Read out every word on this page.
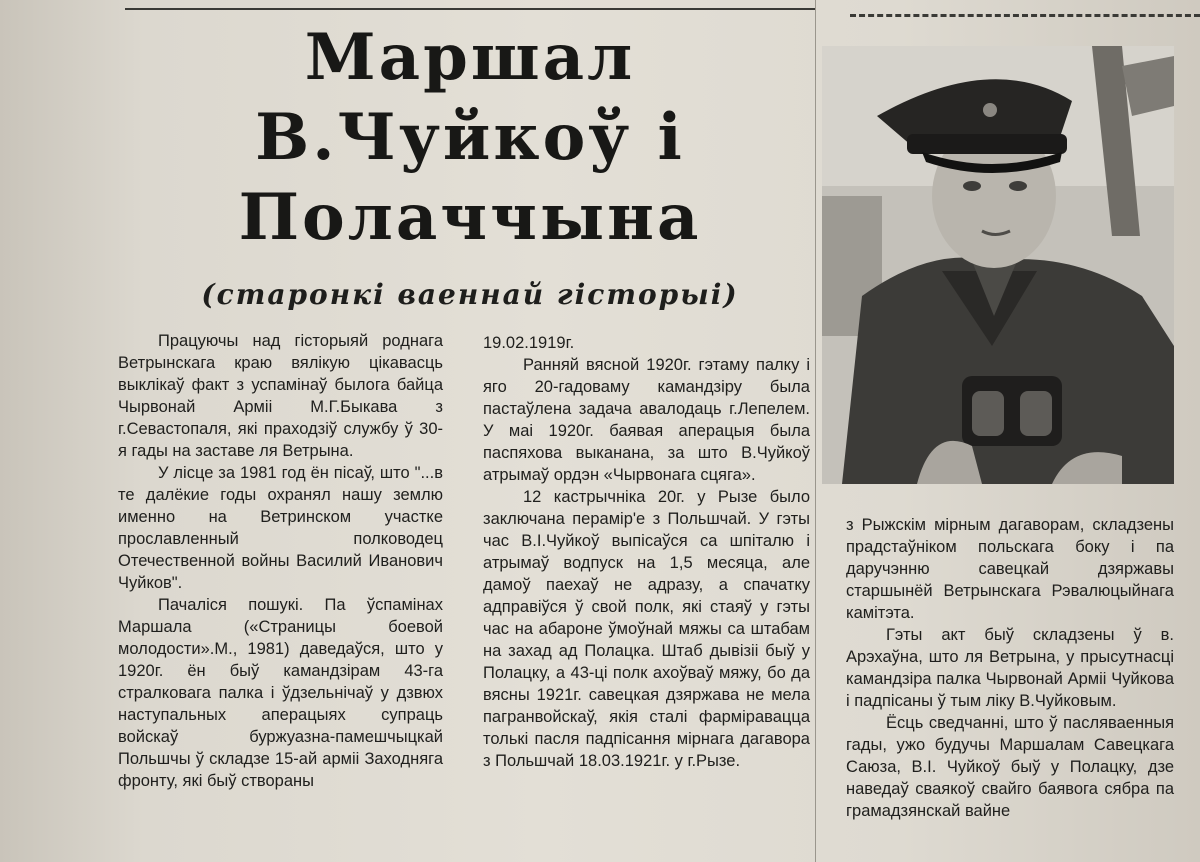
Маршал
В.Чуйкоў і
Полаччына
(старонкі ваеннай гісторыі)

Працуючы над гісторыяй роднага Ветрынскага краю вялікую цікавасць выклікаў факт з успамінаў былога байца Чырвонай Арміі М.Г.Быкава з г.Севастопаля, які праходзіў службу ў 30-я гады на заставе ля Ветрына.

У лісце за 1981 год ён пісаў, што "...в те далёкие годы охранял нашу землю именно на Ветринском участке прославленный полководец Отечественной войны Василий Иванович Чуйков".

Пачаліся пошукі. Па ўспамінах Маршала («Страницы боевой молодости».М., 1981) даведаўся, што у 1920г. ён быў камандзірам 43-га стралковага палка і ўдзельнічаў у дзвюх наступальных аперацыях супраць войскаў буржуазна-памешчыцкай Польшчы ў складзе 15-ай арміі Заходняга фронту, які быў створаны

19.02.1919г.

Ранняй вясной 1920г. гэтаму палку і яго 20-гадоваму камандзіру была пастаўлена задача авалодаць г.Лепелем. У маі 1920г. баявая аперацыя была паспяхова выканана, за што В.Чуйкоў атрымаў ордэн «Чырвонага сцяга».

12 кастрычніка 20г. у Рызе было заключана перамір'е з Польшчай. У гэты час В.І.Чуйкоў выпісаўся са шпіталю і атрымаў водпуск на 1,5 месяца, але дамоў паехаў не адразу, а спачатку адправіўся ў свой полк, які стаяў у гэты час на абароне ўмоўнай мяжы са штабам на захад ад Полацка. Штаб дывізіі быў у Полацку, а 43-ці полк ахоўваў мяжу, бо да вясны 1921г. савецкая дзяржава не мела пагранвойскаў, якія сталі фарміравацца толькі пасля падпісання мірнага дагавора з Польшчай 18.03.1921г. у г.Рызе.

з Рыжскім мірным дагаворам, складзены прадстаўніком польскага боку і па даручэнню савецкай дзяржавы старшынёй Ветрынскага Рэвалюцыйнага камітэта.

Гэты акт быў складзены ў в. Арэхаўна, што ля Ветрына, у прысутнасці камандзіра палка Чырвонай Арміі Чуйкова і падпісаны ў тым ліку В.Чуйковым.

Ёсць сведчанні, што ў пасляваенныя гады, ужо будучы Маршалам Савецкага Саюза, В.І. Чуйкоў быў у Полацку, дзе наведаў сваякоў свайго баявога сябра па грамадзянскай вайне
